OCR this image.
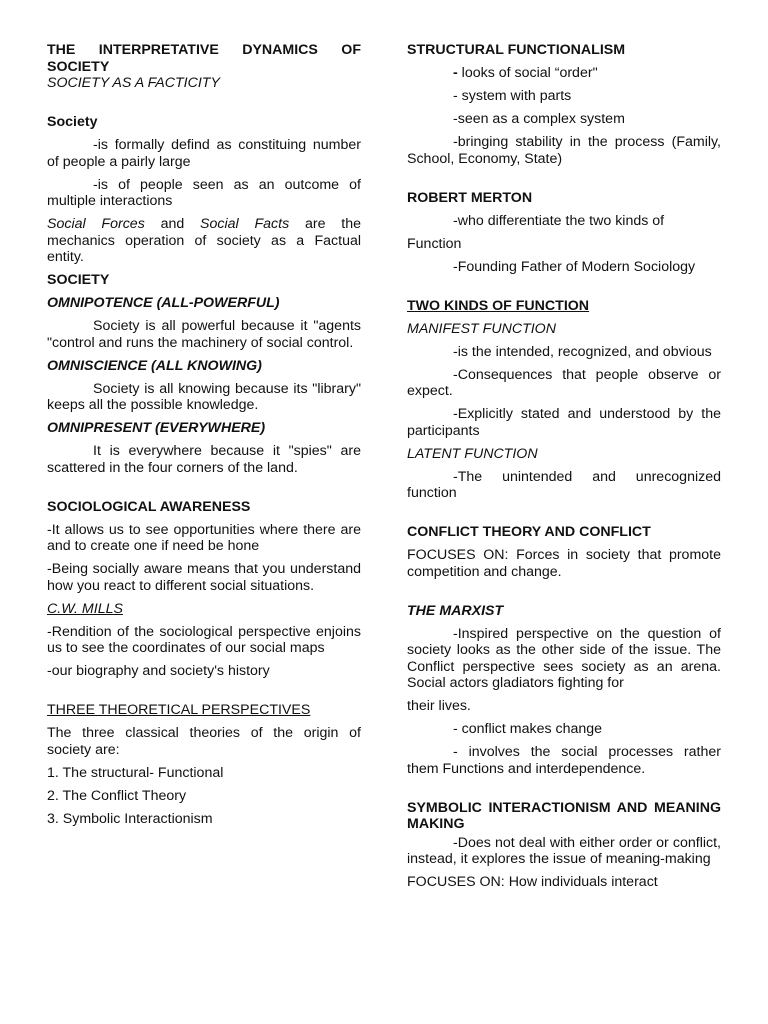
THE INTERPRETATIVE DYNAMICS OF SOCIETY

SOCIETY AS A FACTICITY

Society

-is formally defind as constituing number of people a pairly large

-is of people seen as an outcome of multiple interactions

Social Forces and Social Facts are the mechanics operation of society as a Factual entity.

SOCIETY

OMNIPOTENCE (ALL-POWERFUL)

Society is all powerful because it "agents "control and runs the machinery of social control.

OMNISCIENCE (ALL KNOWING)

Society is all knowing because its "library" keeps all the possible knowledge.

OMNIPRESENT (EVERYWHERE)

It is everywhere because it "spies" are scattered in the four corners of the land.

SOCIOLOGICAL AWARENESS

-It allows us to see opportunities where there are and to create one if need be hone

-Being socially aware means that you understand how you react to different social situations.

C.W. MILLS

-Rendition of the sociological perspective enjoins us to see the coordinates of our social maps

-our biography and society's history

THREE THEORETICAL PERSPECTIVES

The three classical theories of the origin of society are:

1. The structural- Functional

2. The Conflict Theory

3. Symbolic Interactionism

STRUCTURAL FUNCTIONALISM

- looks of social “order"

- system with parts

-seen as a complex system

-bringing stability in the process (Family, School, Economy, State)

ROBERT MERTON

-who differentiate the two kinds of

Function

-Founding Father of Modern Sociology

TWO KINDS OF FUNCTION

MANIFEST FUNCTION

-is the intended, recognized, and obvious

-Consequences that people observe or expect.

-Explicitly stated and understood by the participants

LATENT FUNCTION

-The unintended and unrecognized function

CONFLICT THEORY AND CONFLICT

FOCUSES ON: Forces in society that promote competition and change.

THE MARXIST

-Inspired perspective on the question of society looks as the other side of the issue. The Conflict perspective sees society as an arena. Social actors gladiators fighting for

their lives.

- conflict makes change

- involves the social processes rather them Functions and interdependence.

SYMBOLIC INTERACTIONISM AND MEANING MAKING

-Does not deal with either order or conflict, instead, it explores the issue of meaning-making

FOCUSES ON: How individuals interact
